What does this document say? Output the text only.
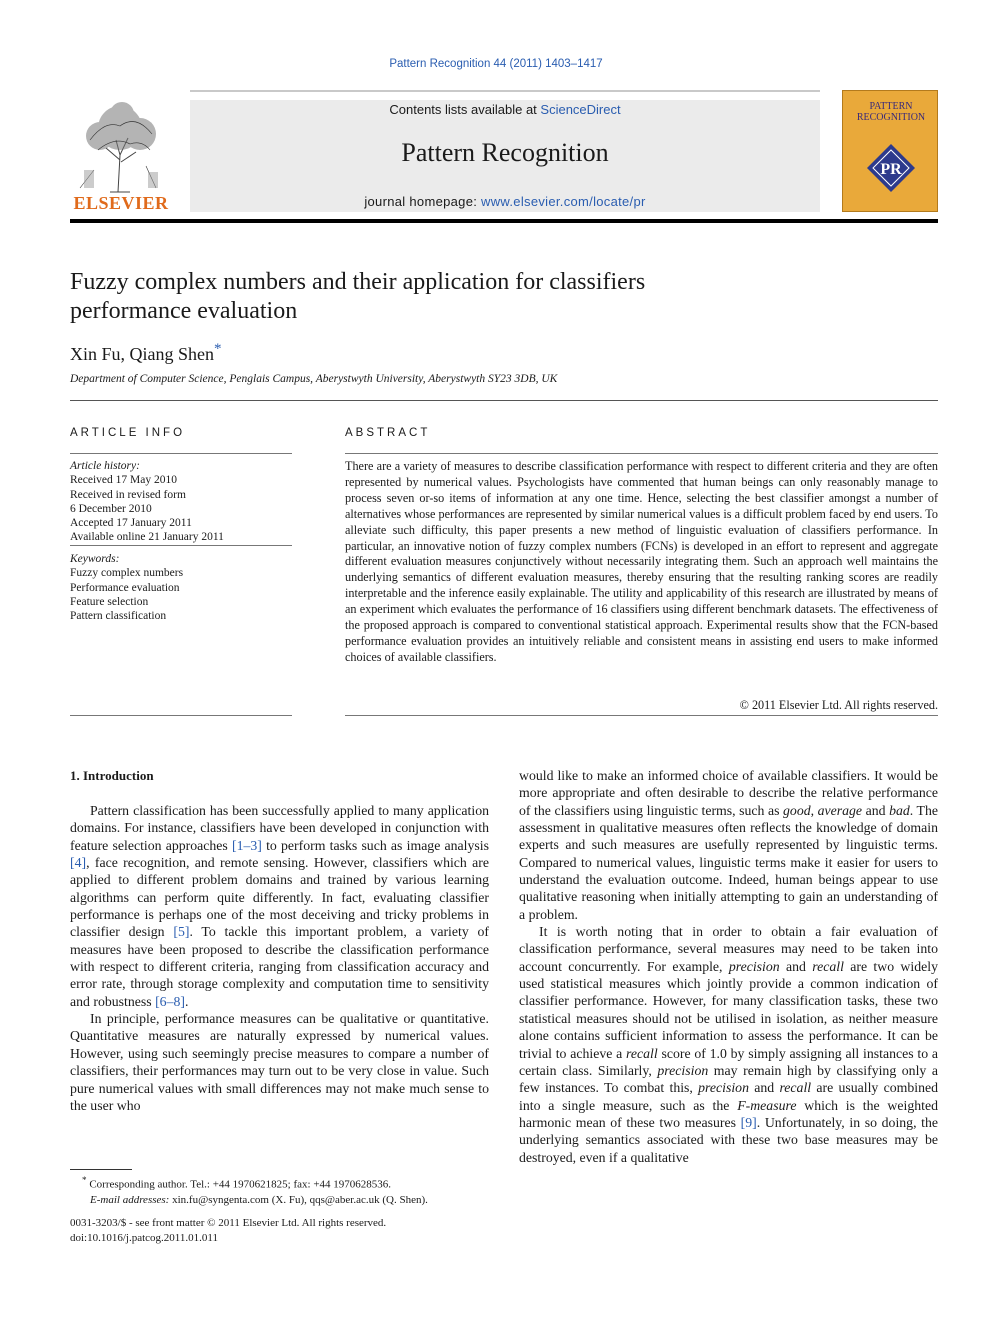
Pattern Recognition 44 (2011) 1403–1417
ELSEVIER
Contents lists available at ScienceDirect
Pattern Recognition
journal homepage: www.elsevier.com/locate/pr
PATTERN
RECOGNITION
PR
Fuzzy complex numbers and their application for classifiers
performance evaluation
Xin Fu, Qiang Shen*
Department of Computer Science, Penglais Campus, Aberystwyth University, Aberystwyth SY23 3DB, UK
ARTICLE INFO
Article history:
Received 17 May 2010
Received in revised form
6 December 2010
Accepted 17 January 2011
Available online 21 January 2011
Keywords:
Fuzzy complex numbers
Performance evaluation
Feature selection
Pattern classification
ABSTRACT
There are a variety of measures to describe classification performance with respect to different criteria and they are often represented by numerical values. Psychologists have commented that human beings can only reasonably manage to process seven or-so items of information at any one time. Hence, selecting the best classifier amongst a number of alternatives whose performances are represented by similar numerical values is a difficult problem faced by end users. To alleviate such difficulty, this paper presents a new method of linguistic evaluation of classifiers performance. In particular, an innovative notion of fuzzy complex numbers (FCNs) is developed in an effort to represent and aggregate different evaluation measures conjunctively without necessarily integrating them. Such an approach well maintains the underlying semantics of different evaluation measures, thereby ensuring that the resulting ranking scores are readily interpretable and the inference easily explainable. The utility and applicability of this research are illustrated by means of an experiment which evaluates the performance of 16 classifiers using different benchmark datasets. The effectiveness of the proposed approach is compared to conventional statistical approach. Experimental results show that the FCN-based performance evaluation provides an intuitively reliable and consistent means in assisting end users to make informed choices of available classifiers.
© 2011 Elsevier Ltd. All rights reserved.
1. Introduction

Pattern classification has been successfully applied to many application domains. For instance, classifiers have been developed in conjunction with feature selection approaches [1–3] to perform tasks such as image analysis [4], face recognition, and remote sensing. However, classifiers which are applied to different problem domains and trained by various learning algorithms can perform quite differently. In fact, evaluating classifier performance is perhaps one of the most deceiving and tricky problems in classifier design [5]. To tackle this important problem, a variety of measures have been proposed to describe the classification performance with respect to different criteria, ranging from classification accuracy and error rate, through storage complexity and computation time to sensitivity and robustness [6–8].

In principle, performance measures can be qualitative or quantitative. Quantitative measures are naturally expressed by numerical values. However, using such seemingly precise measures to compare a number of classifiers, their performances may turn out to be very close in value. Such pure numerical values with small differences may not make much sense to the user who

would like to make an informed choice of available classifiers. It would be more appropriate and often desirable to describe the relative performance of the classifiers using linguistic terms, such as good, average and bad. The assessment in qualitative measures often reflects the knowledge of domain experts and such measures are usefully represented by linguistic terms. Compared to numerical values, linguistic terms make it easier for users to understand the evaluation outcome. Indeed, human beings appear to use qualitative reasoning when initially attempting to gain an understanding of a problem.

It is worth noting that in order to obtain a fair evaluation of classification performance, several measures may need to be taken into account concurrently. For example, precision and recall are two widely used statistical measures which jointly provide a common indication of classifier performance. However, for many classification tasks, these two statistical measures should not be utilised in isolation, as neither measure alone contains sufficient information to assess the performance. It can be trivial to achieve a recall score of 1.0 by simply assigning all instances to a certain class. Similarly, precision may remain high by classifying only a few instances. To combat this, precision and recall are usually combined into a single measure, such as the F-measure which is the weighted harmonic mean of these two measures [9]. Unfortunately, in so doing, the underlying semantics associated with these two base measures may be destroyed, even if a qualitative

* Corresponding author. Tel.: +44 1970621825; fax: +44 1970628536.
E-mail addresses: xin.fu@syngenta.com (X. Fu), qqs@aber.ac.uk (Q. Shen).
0031-3203/$ - see front matter © 2011 Elsevier Ltd. All rights reserved.
doi:10.1016/j.patcog.2011.01.011
